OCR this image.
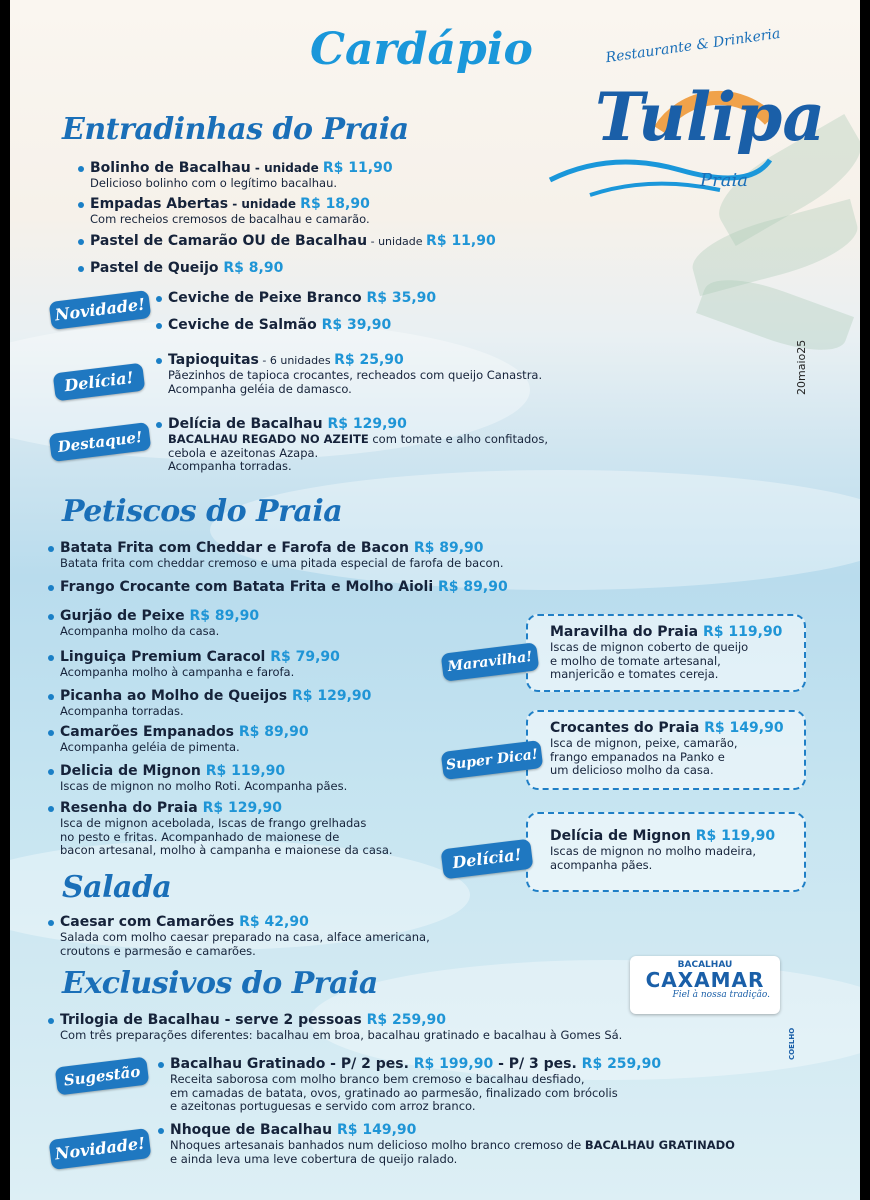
Cardápio	Restaurante & Drinkeria
Tulipa
Praia
20maio25
Entradinhas do Praia
Bolinho de Bacalhau - unidade R$ 11,90
Delicioso bolinho com o legítimo bacalhau.
Empadas Abertas - unidade R$ 18,90
Com recheios cremosos de bacalhau e camarão.
Pastel de Camarão OU de Bacalhau - unidade R$ 11,90
Pastel de Queijo R$ 8,90
Novidade!	Ceviche de Peixe Branco R$ 35,90
Ceviche de Salmão R$ 39,90
Delícia!
Tapioquitas - 6 unidades R$ 25,90
Pãezinhos de tapioca crocantes, recheados com queijo Canastra.
Acompanha geléia de damasco.
Destaque!
Delícia de Bacalhau R$ 129,90
BACALHAU REGADO NO AZEITE com tomate e alho confitados,
cebola e azeitonas Azapa.
Acompanha torradas.
Petiscos do Praia
Batata Frita com Cheddar e Farofa de Bacon R$ 89,90
Batata frita com cheddar cremoso e uma pitada especial de farofa de bacon.
Frango Crocante com Batata Frita e Molho Aioli R$ 89,90
Gurjão de Peixe R$ 89,90
Acompanha molho da casa.
Linguiça Premium Caracol R$ 79,90
Acompanha molho à campanha e farofa.
Picanha ao Molho de Queijos R$ 129,90
Acompanha torradas.
Camarões Empanados R$ 89,90
Acompanha geléia de pimenta.
Delicia de Mignon R$ 119,90
Iscas de mignon no molho Roti. Acompanha pães.
Resenha do Praia R$ 129,90
Isca de mignon acebolada, Iscas de frango grelhadas
no pesto e fritas. Acompanhado de maionese de
bacon artesanal, molho à campanha e maionese da casa.
Maravilha do Praia R$ 119,90
Iscas de mignon coberto de queijo
e molho de tomate artesanal,
manjericão e tomates cereja.
Maravilha!
Crocantes do Praia R$ 149,90
Isca de mignon, peixe, camarão,
frango empanados na Panko e
um delicioso molho da casa.
Super Dica!
Delícia de Mignon R$ 119,90
Iscas de mignon no molho madeira,
acompanha pães.
Delícia!
Salada
Caesar com Camarões R$ 42,90
Salada com molho caesar preparado na casa, alface americana,
croutons e parmesão e camarões.
Exclusivos do Praia
BACALHAU
CAXAMAR
Fiel à nossa tradição.
COELHO
Trilogia de Bacalhau - serve 2 pessoas R$ 259,90
Com três preparações diferentes: bacalhau em broa, bacalhau gratinado e bacalhau à Gomes Sá.
Sugestão	Bacalhau Gratinado - P/ 2 pes. R$ 199,90 - P/ 3 pes. R$ 259,90
Receita saborosa com molho branco bem cremoso e bacalhau desfiado,
em camadas de batata, ovos, gratinado ao parmesão, finalizado com brócolis
e azeitonas portuguesas e servido com arroz branco.
Novidade!
Nhoque de Bacalhau R$ 149,90
Nhoques artesanais banhados num delicioso molho branco cremoso de BACALHAU GRATINADO
e ainda leva uma leve cobertura de queijo ralado.
